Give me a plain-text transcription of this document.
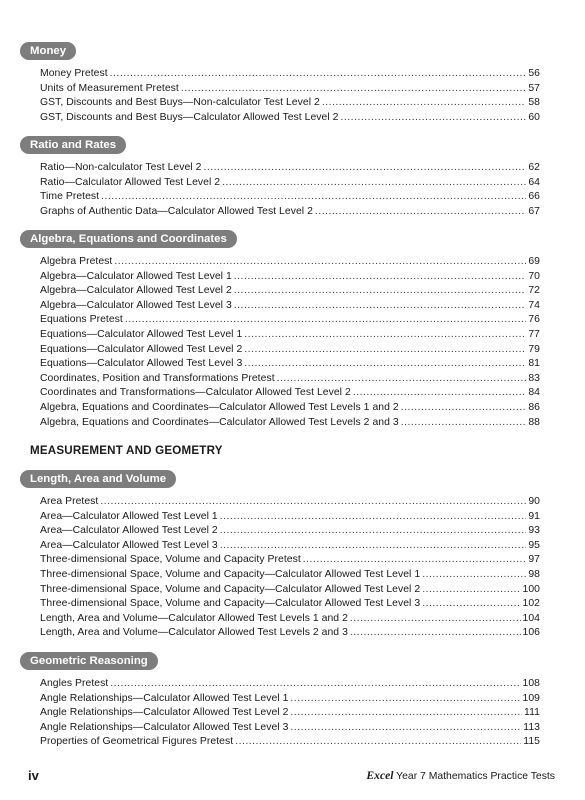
Money
Money Pretest .....	56
Units of Measurement Pretest .....	57
GST, Discounts and Best Buys—Non-calculator Test Level 2 .....	58
GST, Discounts and Best Buys—Calculator Allowed Test Level 2 .....	60
Ratio and Rates
Ratio—Non-calculator Test Level 2 .....	62
Ratio—Calculator Allowed Test Level 2 .....	64
Time Pretest .....	66
Graphs of Authentic Data—Calculator Allowed Test Level 2 .....	67
Algebra, Equations and Coordinates
Algebra Pretest .....	69
Algebra—Calculator Allowed Test Level 1 .....	70
Algebra—Calculator Allowed Test Level 2 .....	72
Algebra—Calculator Allowed Test Level 3 .....	74
Equations Pretest .....	76
Equations—Calculator Allowed Test Level 1 .....	77
Equations—Calculator Allowed Test Level 2 .....	79
Equations—Calculator Allowed Test Level 3 .....	81
Coordinates, Position and Transformations Pretest .....	83
Coordinates and Transformations—Calculator Allowed Test Level 2 .....	84
Algebra, Equations and Coordinates—Calculator Allowed Test Levels 1 and 2 .....	86
Algebra, Equations and Coordinates—Calculator Allowed Test Levels 2 and 3 .....	88
MEASUREMENT AND GEOMETRY
Length, Area and Volume
Area Pretest .....	90
Area—Calculator Allowed Test Level 1 .....	91
Area—Calculator Allowed Test Level 2 .....	93
Area—Calculator Allowed Test Level 3 .....	95
Three-dimensional Space, Volume and Capacity Pretest .....	97
Three-dimensional Space, Volume and Capacity—Calculator Allowed Test Level 1 .....	98
Three-dimensional Space, Volume and Capacity—Calculator Allowed Test Level 2 .....	100
Three-dimensional Space, Volume and Capacity—Calculator Allowed Test Level 3 .....	102
Length, Area and Volume—Calculator Allowed Test Levels 1 and 2 .....	104
Length, Area and Volume—Calculator Allowed Test Levels 2 and 3 .....	106
Geometric Reasoning
Angles Pretest .....	108
Angle Relationships—Calculator Allowed Test Level 1 .....	109
Angle Relationships—Calculator Allowed Test Level 2 .....	111
Angle Relationships—Calculator Allowed Test Level 3 .....	113
Properties of Geometrical Figures Pretest .....	115
iv	Excel Year 7 Mathematics Practice Tests
